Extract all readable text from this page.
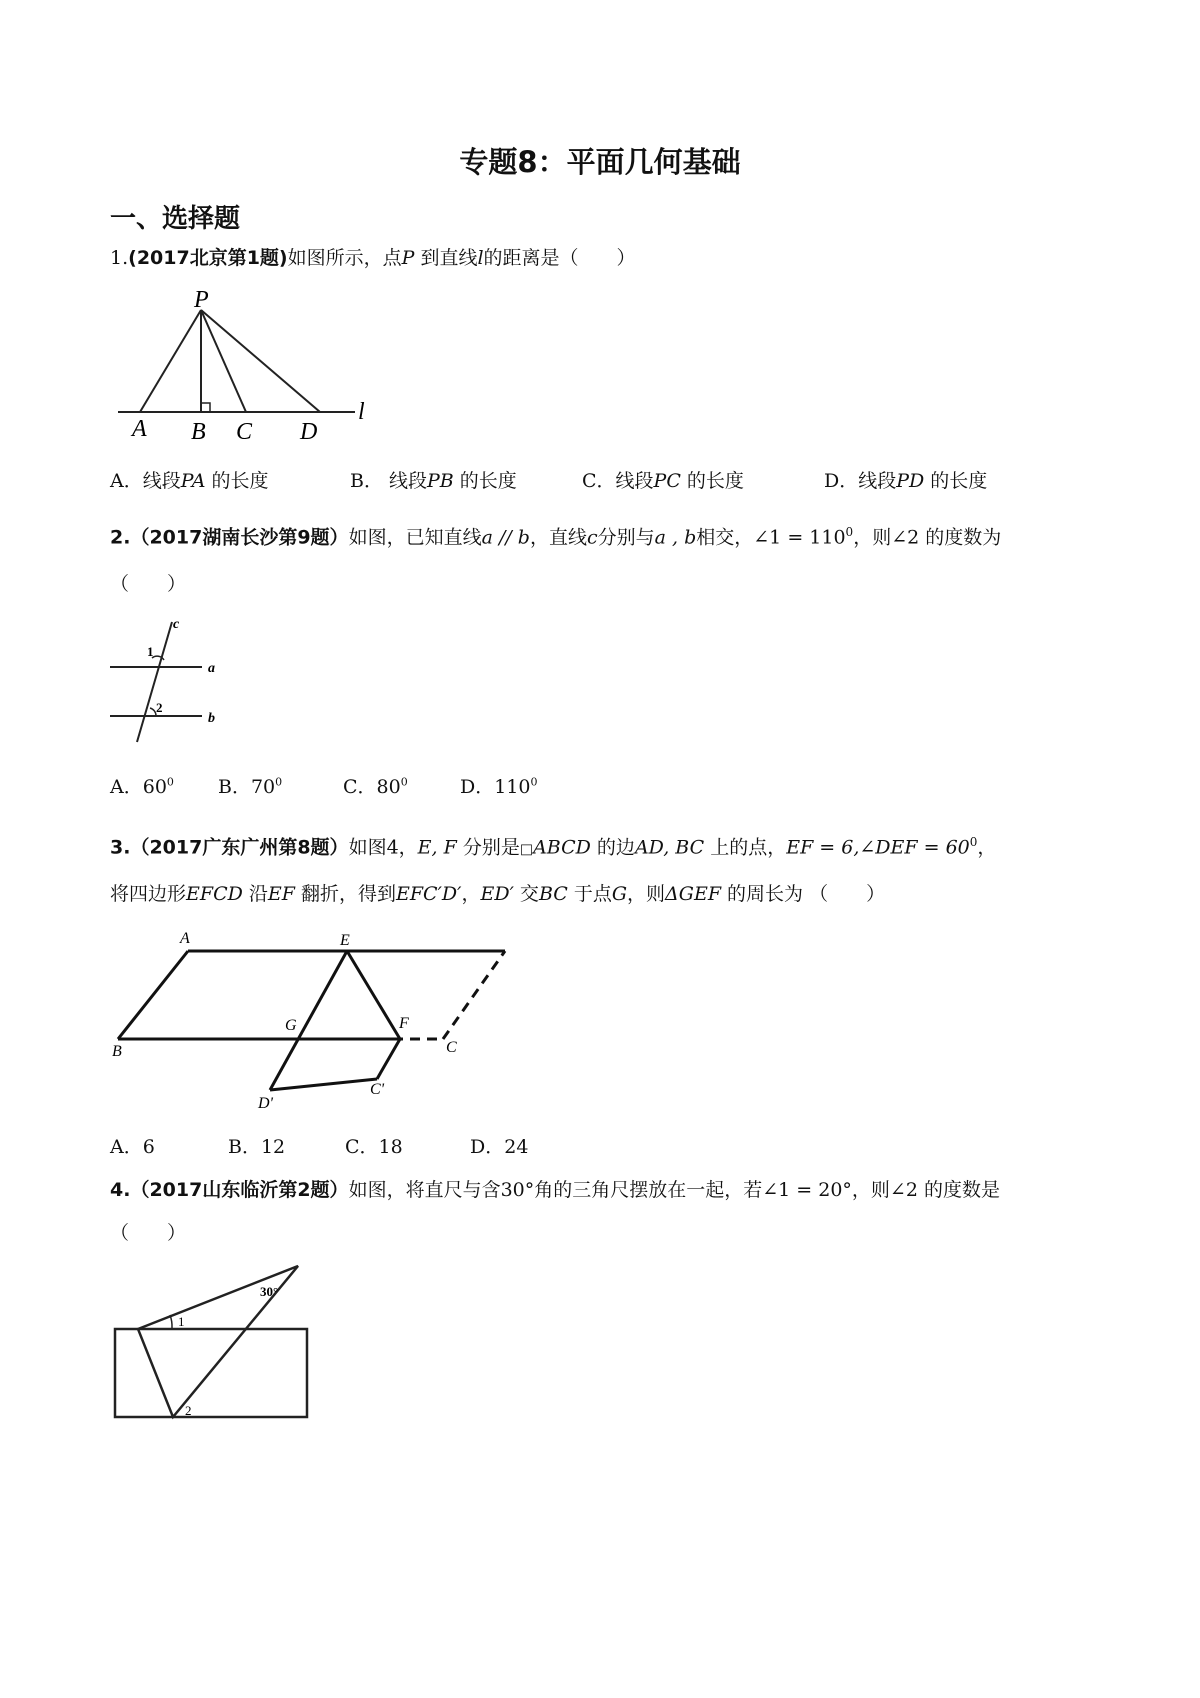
专题8：平面几何基础
一、选择题
1.(2017北京第1题)如图所示，点P 到直线l的距离是（　　）
P
A B C D
l
A．线段PA 的长度	B． 线段PB 的长度	C．线段PC 的长度	D．线段PD 的长度
2.（2017湖南长沙第9题）如图，已知直线a // b，直线c分别与a , b相交，∠1 = $110^0$，则∠2 的度数为
（　　）
c
a
b
1
2
A．$60^0$ B．$70^0$	C．$80^0$	D．$110^0$
3.（2017广东广州第8题）如图4，E, F 分别是□ABCD 的边AD, BC 上的点，EF = 6,∠DEF = $60^0$，
将四边形EFCD 沿EF 翻折，得到EFC′D′，ED′ 交BC 于点G，则ΔGEF 的周长为 （　　）
A	E
B
G	F
C
D'
C'
A．6	B．12	C．18	D．24
4.（2017山东临沂第2题）如图，将直尺与含30°角的三角尺摆放在一起，若∠1 = 20°，则∠2 的度数是
（　　）
30°
1
2
